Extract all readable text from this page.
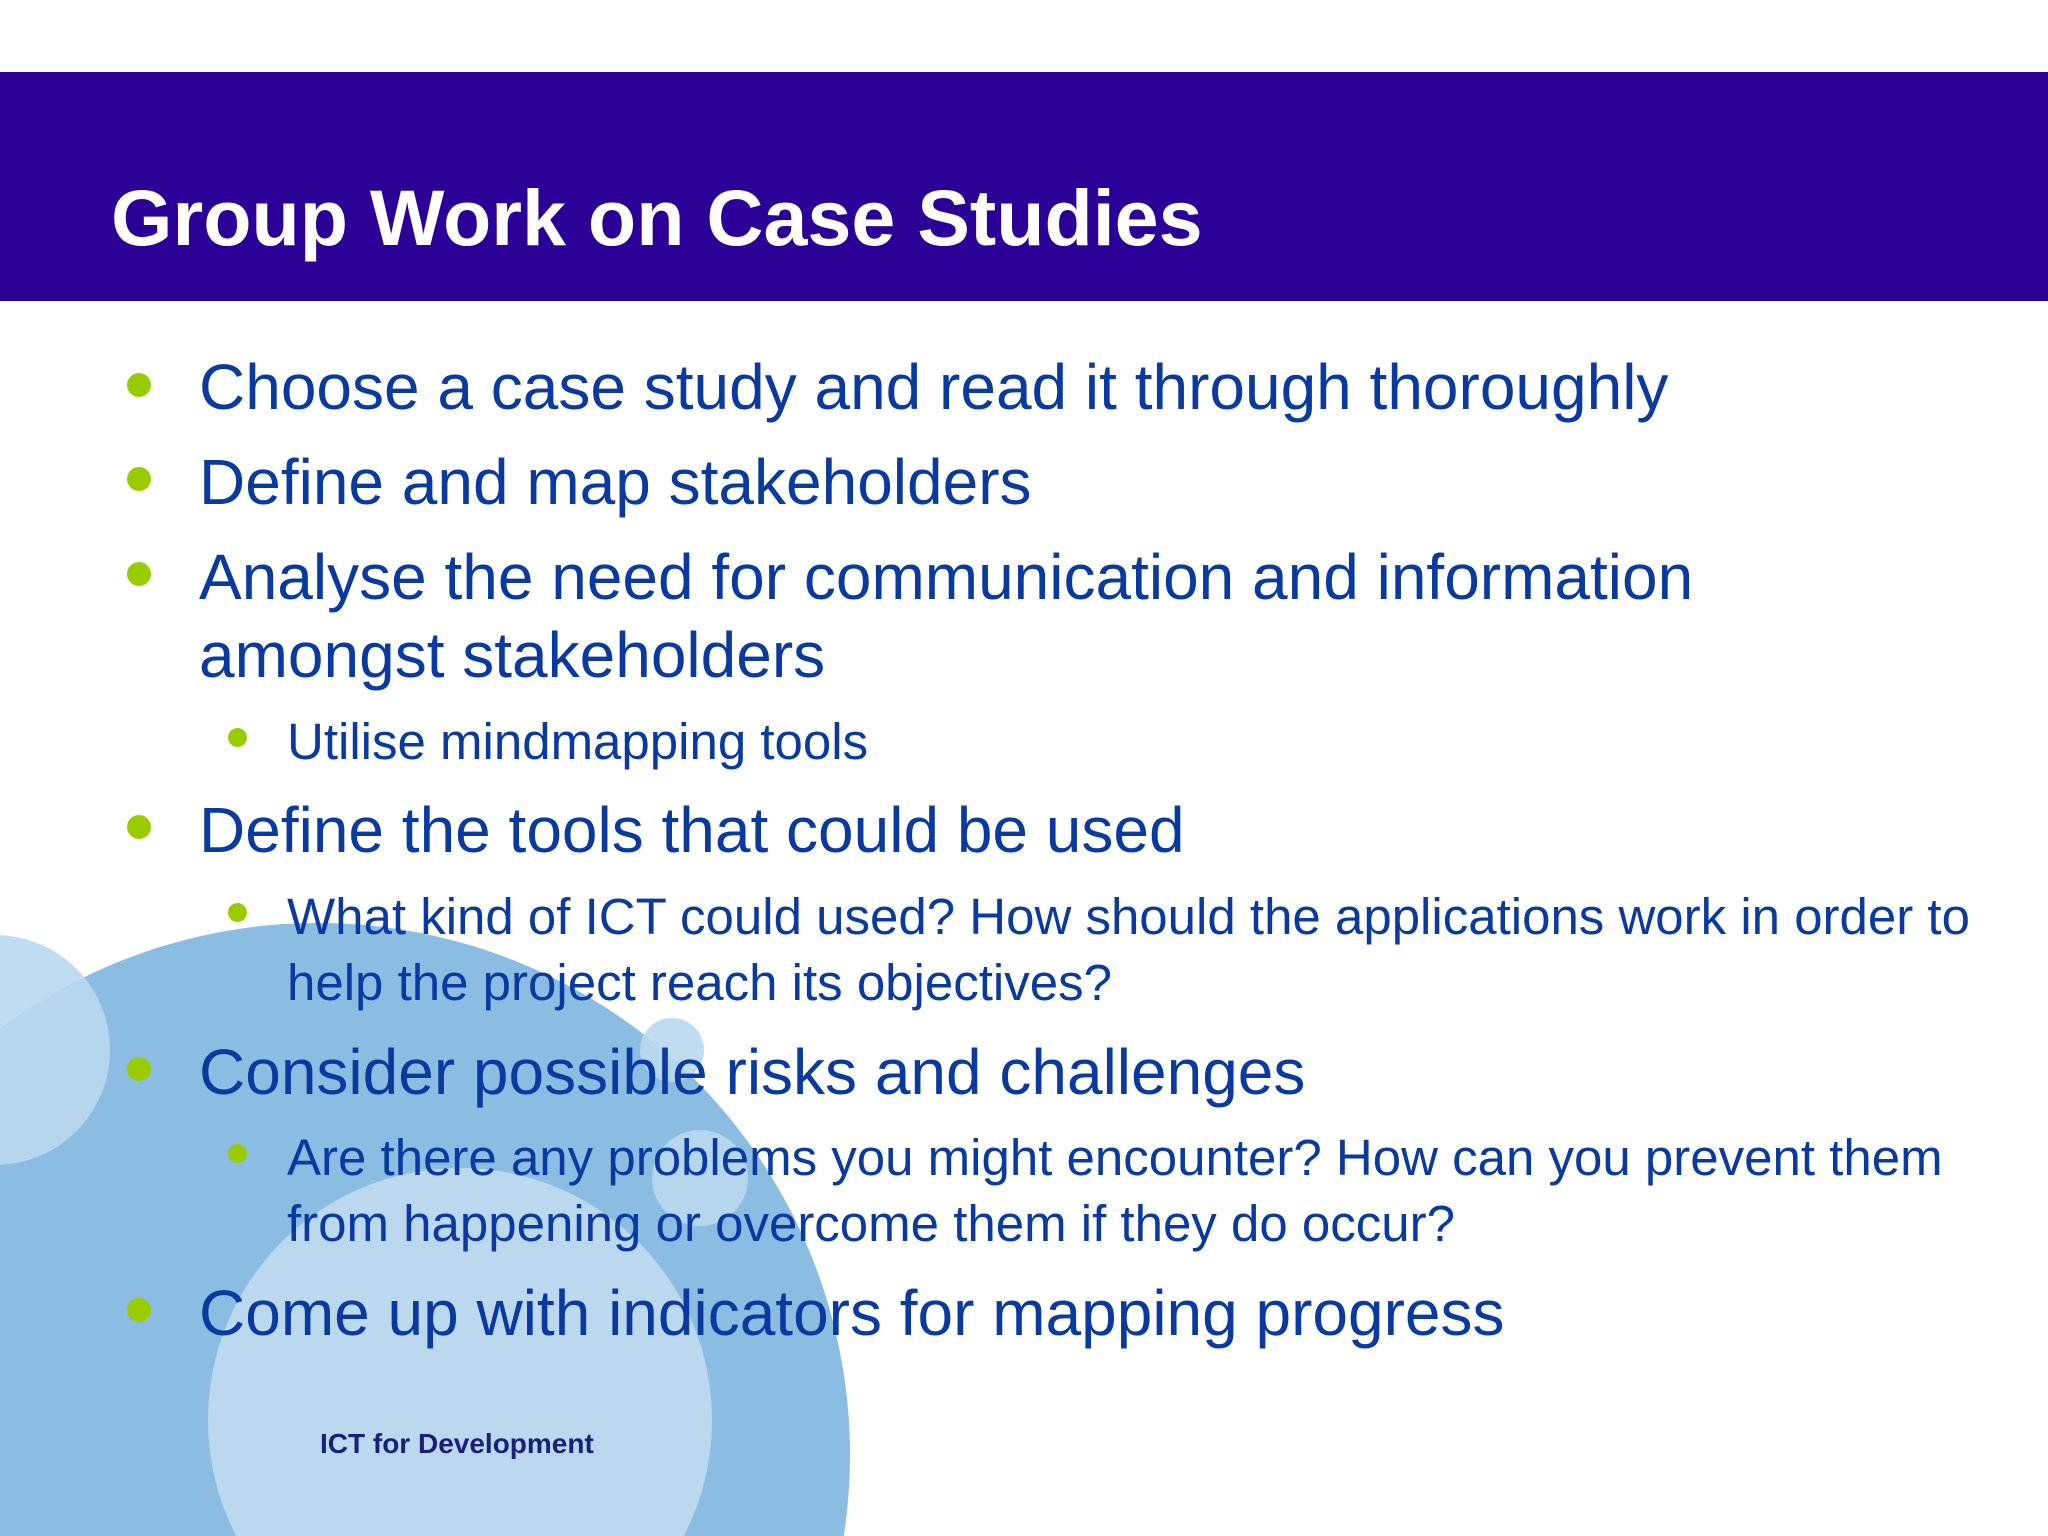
Group Work on Case Studies

Choose a case study and read it through thoroughly

Define and map stakeholders

Analyse the need for communication and information amongst stakeholders

Utilise mindmapping tools

Define the tools that could be used

What kind of ICT could used? How should the applications work in order to help the project reach its objectives?

Consider possible risks and challenges

Are there any problems you might encounter? How can you prevent them from happening or overcome them if they do occur?

Come up with indicators for mapping progress

ICT for Development
